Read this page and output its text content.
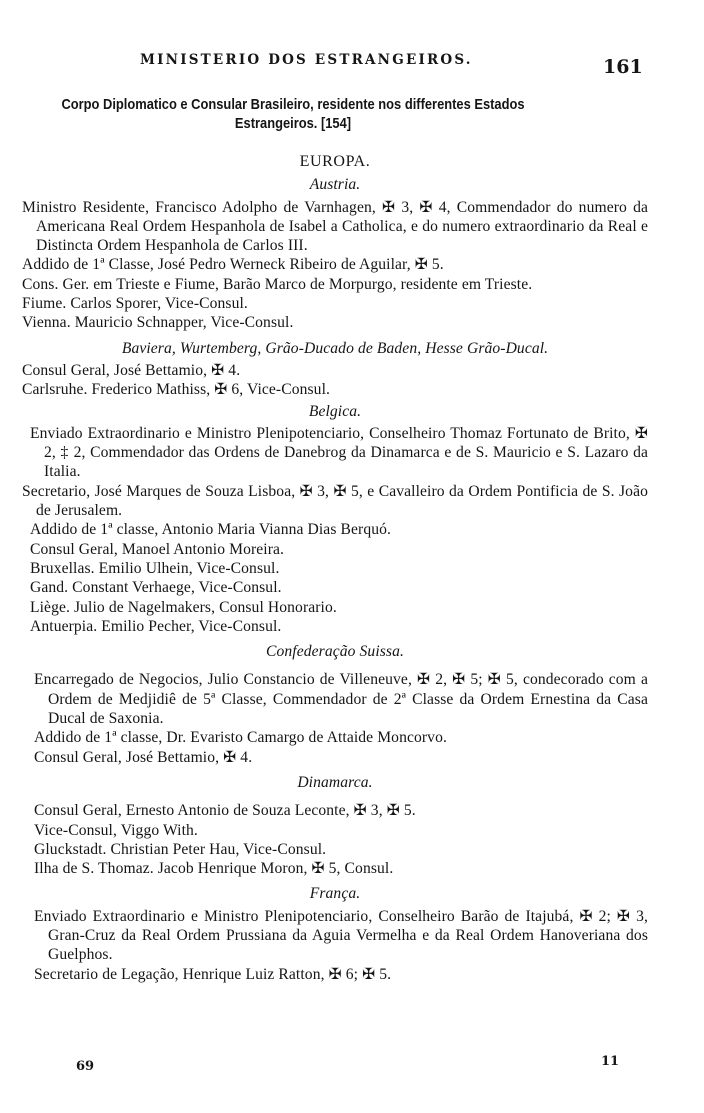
MINISTERIO DOS ESTRANGEIROS.	161
Corpo Diplomatico e Consular Brasileiro, residente nos differentes Estados
Estrangeiros. [154]
EUROPA.
Austria.

Ministro Residente, Francisco Adolpho de Varnhagen, ✠ 3, ✠ 4, Commendador do numero da Americana Real Ordem Hespanhola de Isabel a Catholica, e do numero extraordinario da Real e Distincta Ordem Hespanhola de Carlos III.

Addido de 1ª Classe, José Pedro Werneck Ribeiro de Aguilar, ✠ 5.

Cons. Ger. em Trieste e Fiume, Barão Marco de Morpurgo, residente em Trieste.

Fiume. Carlos Sporer, Vice-Consul.

Vienna. Mauricio Schnapper, Vice-Consul.

Baviera, Wurtemberg, Grão-Ducado de Baden, Hesse Grão-Ducal.

Consul Geral, José Bettamio, ✠ 4.

Carlsruhe. Frederico Mathiss, ✠ 6, Vice-Consul.

Belgica.

Enviado Extraordinario e Ministro Plenipotenciario, Conselheiro Thomaz Fortunato de Brito, ✠ 2, ‡ 2, Commendador das Ordens de Danebrog da Dinamarca e de S. Mauricio e S. Lazaro da Italia.

Secretario, José Marques de Souza Lisboa, ✠ 3, ✠ 5, e Cavalleiro da Ordem Pontificia de S. João de Jerusalem.

Addido de 1ª classe, Antonio Maria Vianna Dias Berquó.

Consul Geral, Manoel Antonio Moreira.

Bruxellas. Emilio Ulhein, Vice-Consul.

Gand. Constant Verhaege, Vice-Consul.

Liège. Julio de Nagelmakers, Consul Honorario.

Antuerpia. Emilio Pecher, Vice-Consul.

Confederação Suissa.

Encarregado de Negocios, Julio Constancio de Villeneuve, ✠ 2, ✠ 5; ✠ 5, condecorado com a Ordem de Medjidiê de 5ª Classe, Commendador de 2ª Classe da Ordem Ernestina da Casa Ducal de Saxonia.

Addido de 1ª classe, Dr. Evaristo Camargo de Attaide Moncorvo.

Consul Geral, José Bettamio, ✠ 4.

Dinamarca.

Consul Geral, Ernesto Antonio de Souza Leconte, ✠ 3, ✠ 5.

Vice-Consul, Viggo With.

Gluckstadt. Christian Peter Hau, Vice-Consul.

Ilha de S. Thomaz. Jacob Henrique Moron, ✠ 5, Consul.

França.

Enviado Extraordinario e Ministro Plenipotenciario, Conselheiro Barão de Itajubá, ✠ 2; ✠ 3, Gran-Cruz da Real Ordem Prussiana da Aguia Vermelha e da Real Ordem Hanoveriana dos Guelphos.

Secretario de Legação, Henrique Luiz Ratton, ✠ 6; ✠ 5.

69	11
